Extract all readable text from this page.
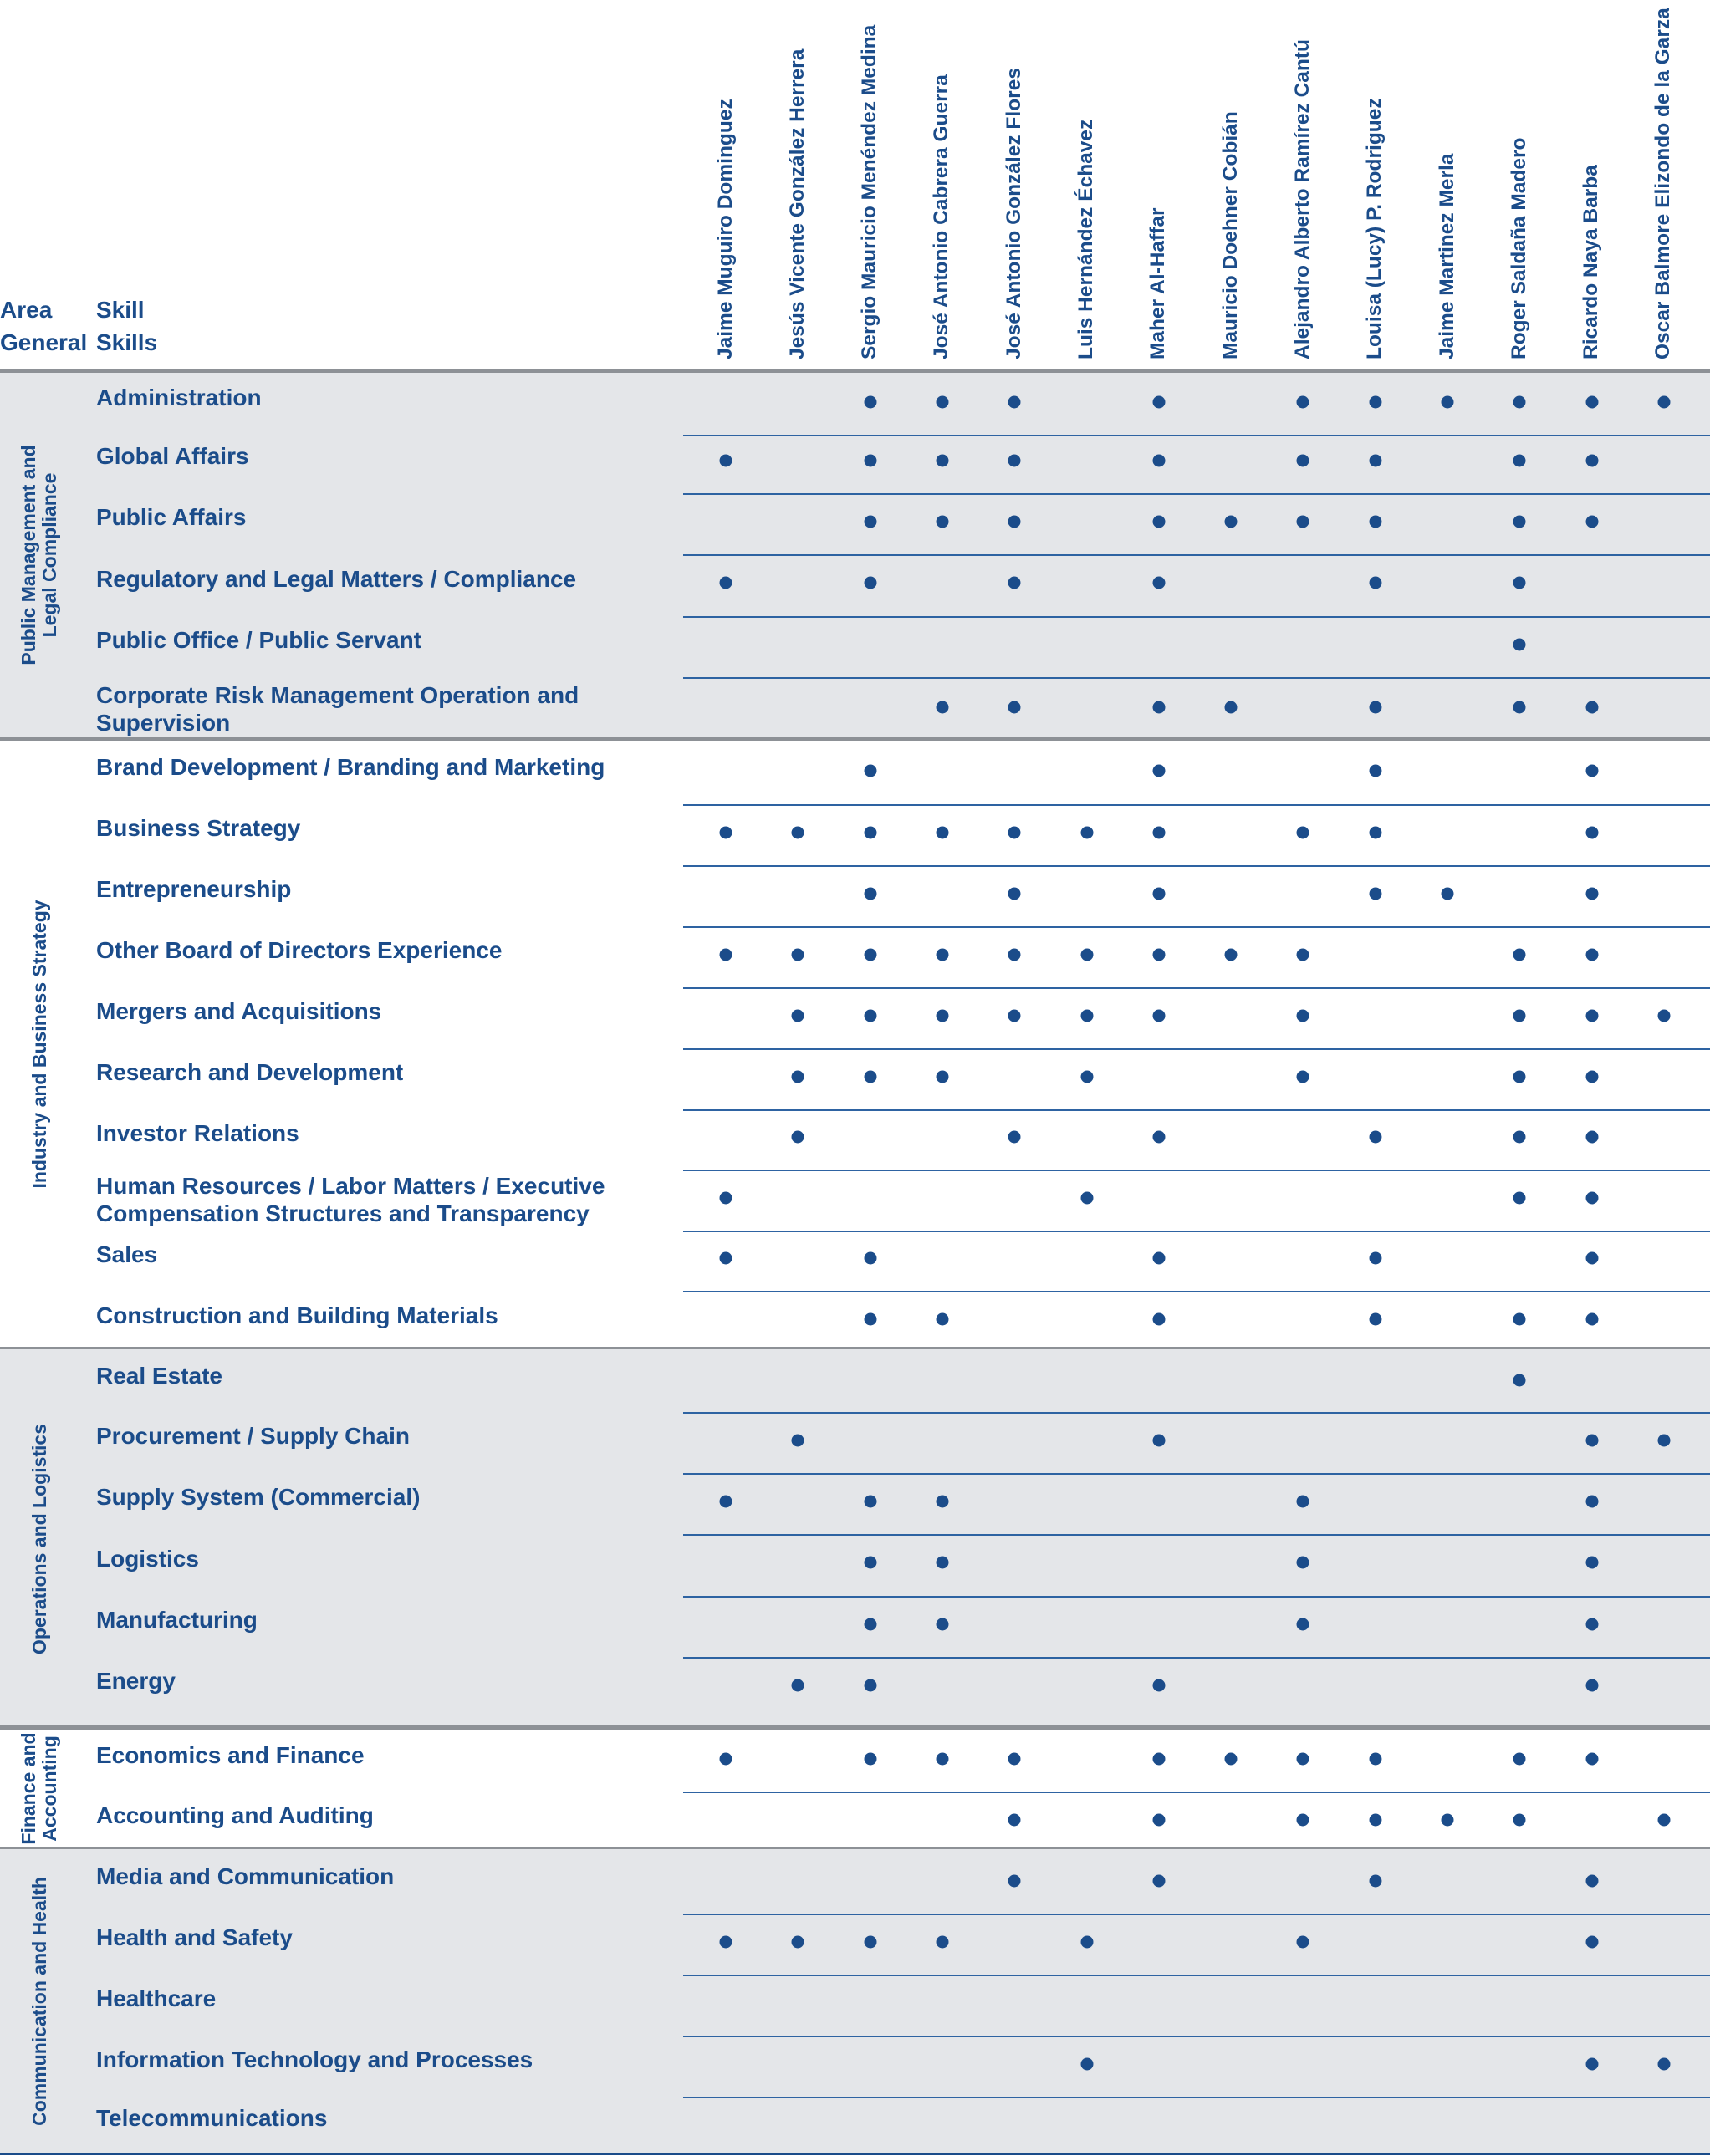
Area Skill
General Skills	Jaime Muguiro Dominguez Jesús Vicente González Herrera Sergio Mauricio Menéndez Medina José Antonio Cabrera Guerra José Antonio González Flores Luis Hernández Échavez Maher Al-Haffar Mauricio Doehner Cobián Alejandro Alberto Ramírez Cantú Louisa (Lucy) P. Rodriguez Jaime Martinez Merla Roger Saldaña Madero Ricardo Naya Barba Oscar Balmore Elizondo de la Garza
Public Management and Legal Compliance
Administration
Global Affairs
Public Affairs
Regulatory and Legal Matters / Compliance
Public Office / Public Servant
Corporate Risk Management Operation and Supervision
Industry and Business Strategy
Brand Development / Branding and Marketing
Business Strategy
Entrepreneurship
Other Board of Directors Experience
Mergers and Acquisitions
Research and Development
Investor Relations
Human Resources / Labor Matters / Executive Compensation Structures and Transparency
Sales
Construction and Building Materials
Operations and Logistics
Real Estate
Procurement / Supply Chain
Supply System (Commercial)
Logistics
Manufacturing
Energy
Finance and Accounting Economics and Finance
Accounting and Auditing
Communication and Health
Media and Communication
Health and Safety
Healthcare
Information Technology and Processes
Telecommunications
